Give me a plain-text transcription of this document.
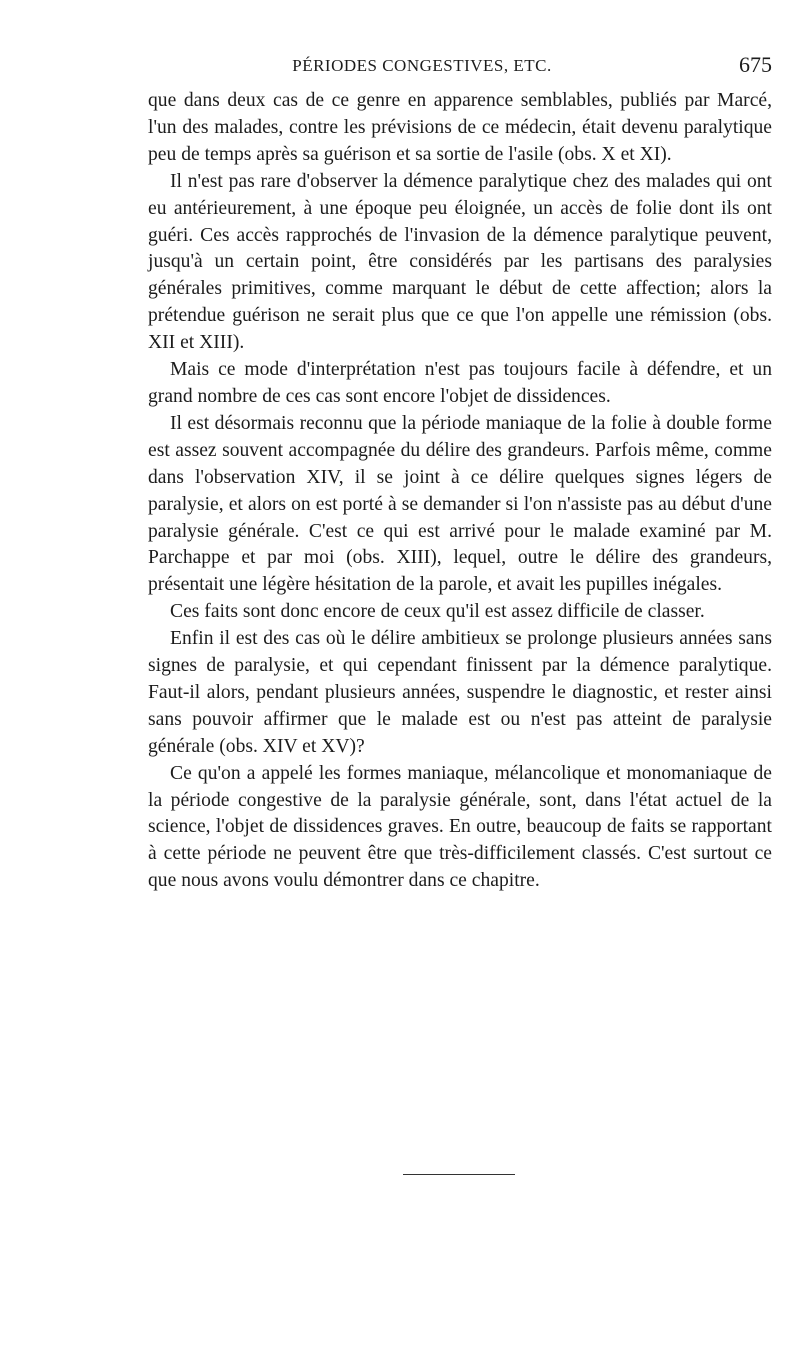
PÉRIODES CONGESTIVES, ETC.	675

que dans deux cas de ce genre en apparence semblables, publiés par Marcé, l'un des malades, contre les prévisions de ce médecin, était devenu paralytique peu de temps après sa guérison et sa sortie de l'asile (obs. X et XI).

Il n'est pas rare d'observer la démence paralytique chez des malades qui ont eu antérieurement, à une époque peu éloignée, un accès de folie dont ils ont guéri. Ces accès rapprochés de l'invasion de la démence paralytique peuvent, jusqu'à un certain point, être considérés par les partisans des paralysies générales primitives, comme marquant le début de cette affection; alors la prétendue guérison ne serait plus que ce que l'on appelle une rémission (obs. XII et XIII).

Mais ce mode d'interprétation n'est pas toujours facile à défendre, et un grand nombre de ces cas sont encore l'objet de dissidences.

Il est désormais reconnu que la période maniaque de la folie à double forme est assez souvent accompagnée du délire des grandeurs. Parfois même, comme dans l'observation XIV, il se joint à ce délire quelques signes légers de paralysie, et alors on est porté à se demander si l'on n'assiste pas au début d'une paralysie générale. C'est ce qui est arrivé pour le malade examiné par M. Parchappe et par moi (obs. XIII), lequel, outre le délire des grandeurs, présentait une légère hésitation de la parole, et avait les pupilles inégales.

Ces faits sont donc encore de ceux qu'il est assez difficile de classer.

Enfin il est des cas où le délire ambitieux se prolonge plusieurs années sans signes de paralysie, et qui cependant finissent par la démence paralytique. Faut-il alors, pendant plusieurs années, suspendre le diagnostic, et rester ainsi sans pouvoir affirmer que le malade est ou n'est pas atteint de paralysie générale (obs. XIV et XV)?

Ce qu'on a appelé les formes maniaque, mélancolique et monomaniaque de la période congestive de la paralysie générale, sont, dans l'état actuel de la science, l'objet de dissidences graves. En outre, beaucoup de faits se rapportant à cette période ne peuvent être que très-difficilement classés. C'est surtout ce que nous avons voulu démontrer dans ce chapitre.
